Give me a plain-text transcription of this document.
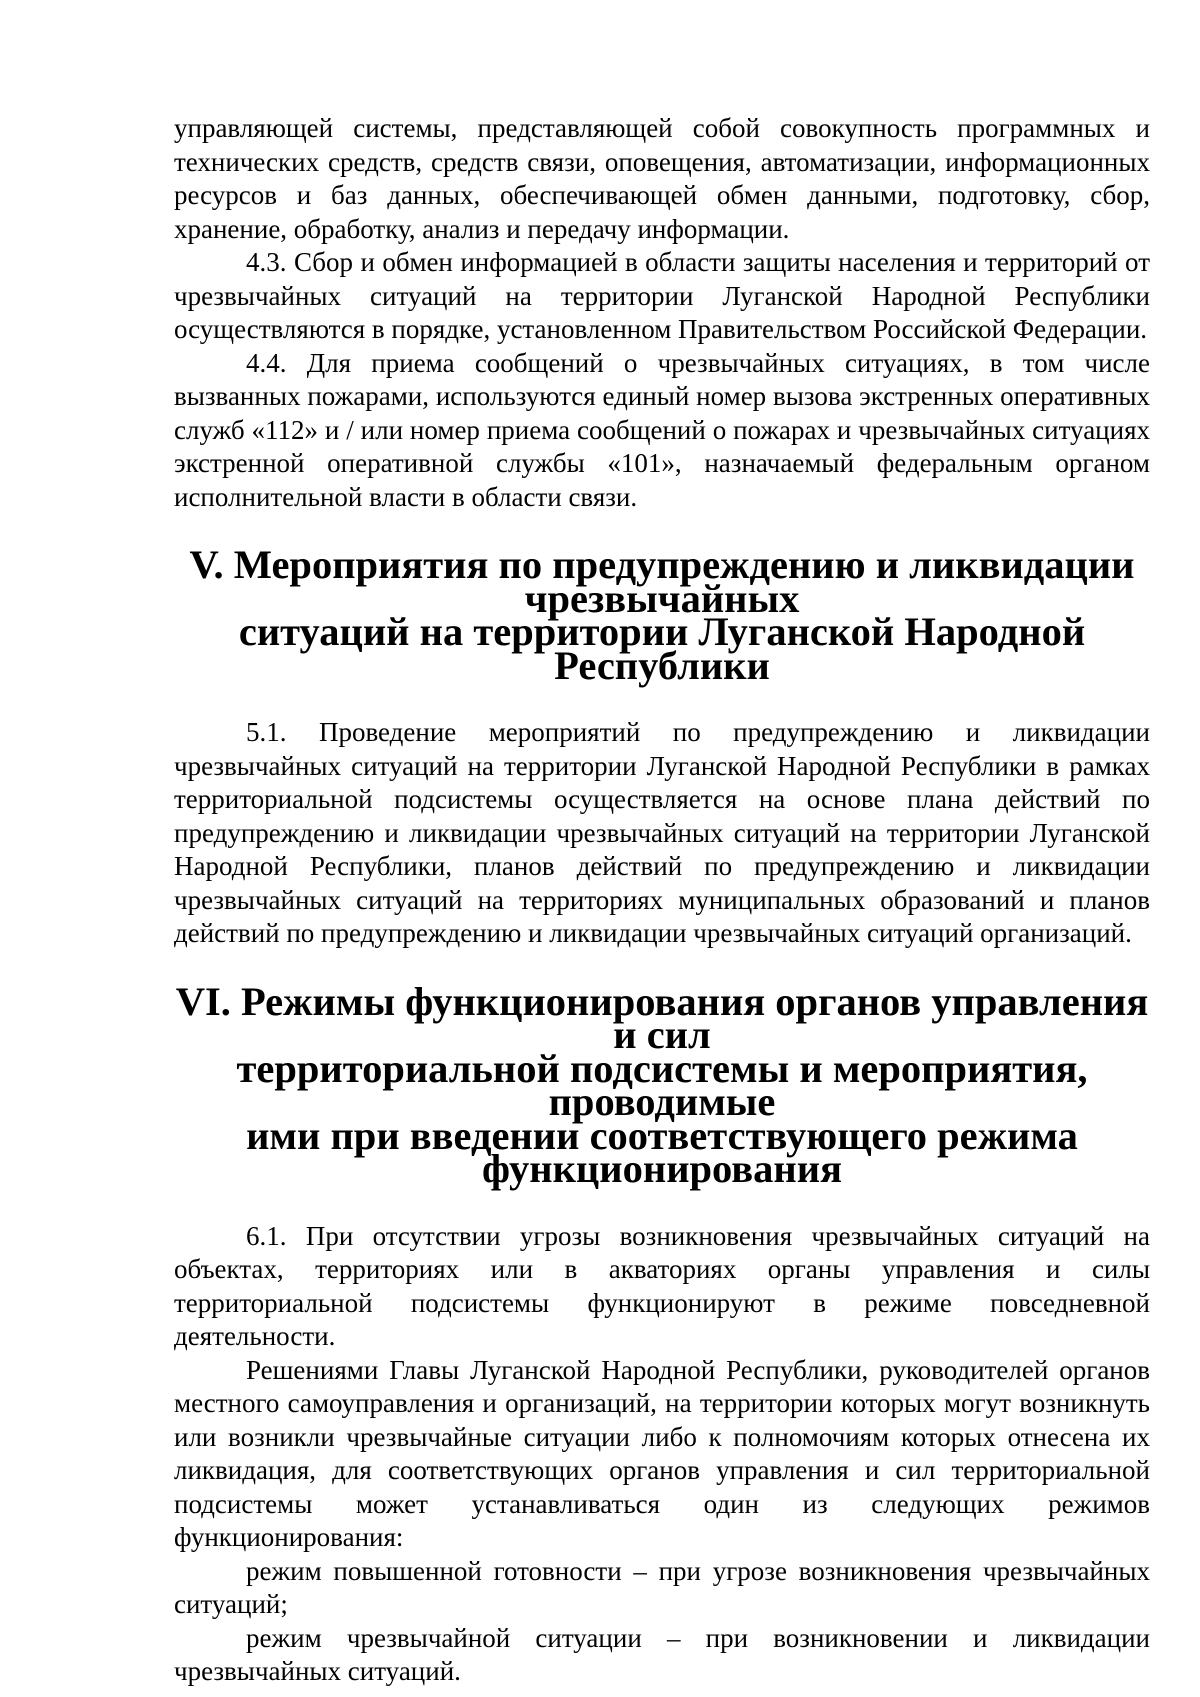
управляющей системы, представляющей собой совокупность программных и технических средств, средств связи, оповещения, автоматизации, информационных ресурсов и баз данных, обеспечивающей обмен данными, подготовку, сбор, хранение, обработку, анализ и передачу информации.

4.3. Сбор и обмен информацией в области защиты населения и территорий от чрезвычайных ситуаций на территории Луганской Народной Республики осуществляются в порядке, установленном Правительством Российской Федерации.

4.4. Для приема сообщений о чрезвычайных ситуациях, в том числе вызванных пожарами, используются единый номер вызова экстренных оперативных служб «112» и / или номер приема сообщений о пожарах и чрезвычайных ситуациях экстренной оперативной службы «101», назначаемый федеральным органом исполнительной власти в области связи.

V. Мероприятия по предупреждению и ликвидации чрезвычайных
ситуаций на территории Луганской Народной Республики

5.1. Проведение мероприятий по предупреждению и ликвидации чрезвычайных ситуаций на территории Луганской Народной Республики в рамках территориальной подсистемы осуществляется на основе плана действий по предупреждению и ликвидации чрезвычайных ситуаций на территории Луганской Народной Республики, планов действий по предупреждению и ликвидации чрезвычайных ситуаций на территориях муниципальных образований и планов действий по предупреждению и ликвидации чрезвычайных ситуаций организаций.

VI. Режимы функционирования органов управления и сил
территориальной подсистемы и мероприятия, проводимые
ими при введении соответствующего режима функционирования

6.1. При отсутствии угрозы возникновения чрезвычайных ситуаций на объектах, территориях или в акваториях органы управления и силы территориальной подсистемы функционируют в режиме повседневной деятельности.

Решениями Главы Луганской Народной Республики, руководителей органов местного самоуправления и организаций, на территории которых могут возникнуть или возникли чрезвычайные ситуации либо к полномочиям которых отнесена их ликвидация, для соответствующих органов управления и сил территориальной подсистемы может устанавливаться один из следующих режимов функционирования:

режим повышенной готовности – при угрозе возникновения чрезвычайных ситуаций;

режим чрезвычайной ситуации – при возникновении и ликвидации чрезвычайных ситуаций.
